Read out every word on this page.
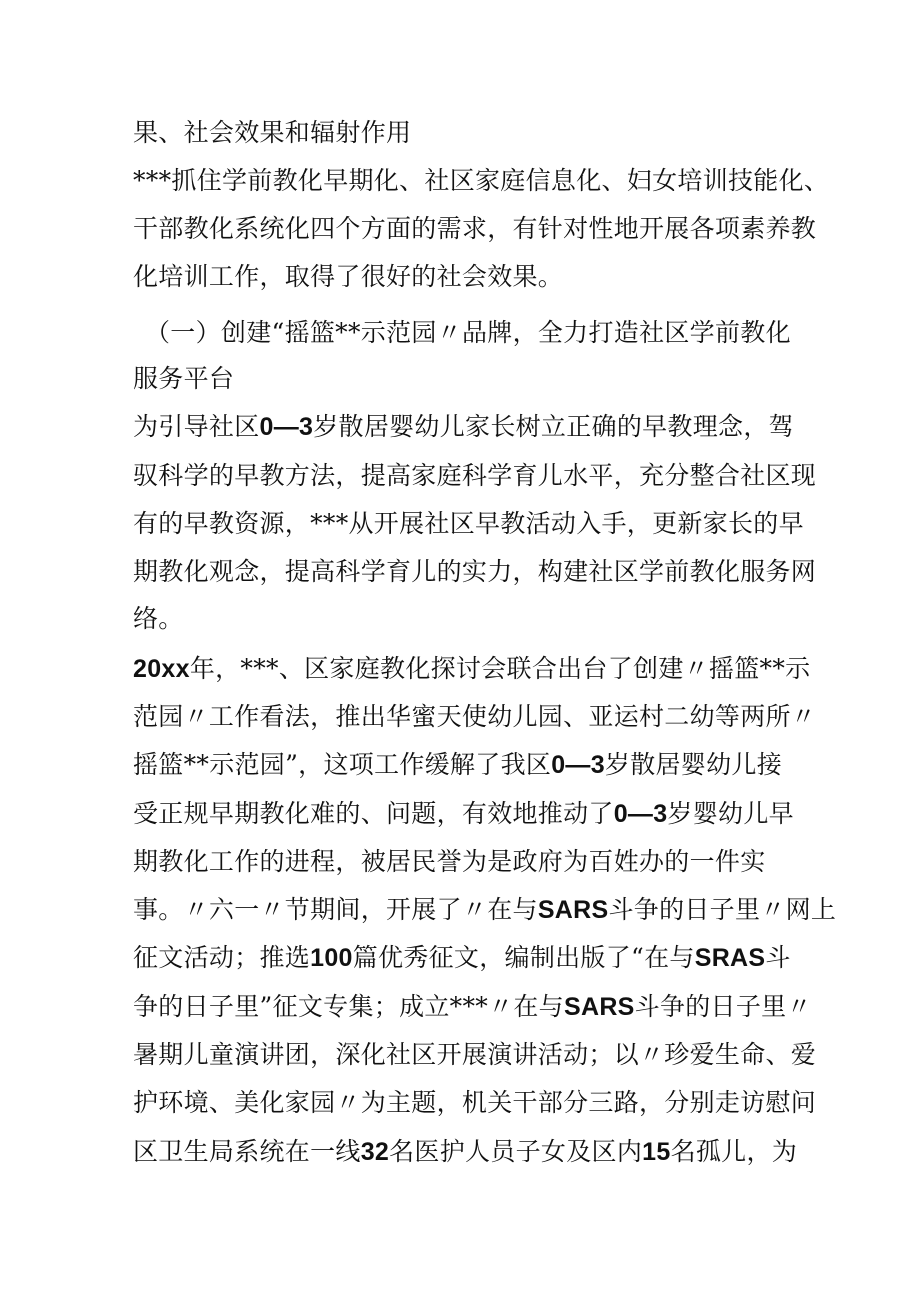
果、社会效果和辐射作用
***抓住学前教化早期化、社区家庭信息化、妇女培训技能化、
干部教化系统化四个方面的需求，有针对性地开展各项素养教
化培训工作，取得了很好的社会效果。
（一）创建“摇篮**示范园〃品牌，全力打造社区学前教化
服务平台
为引导社区0—3岁散居婴幼儿家长树立正确的早教理念，驾
驭科学的早教方法，提高家庭科学育儿水平，充分整合社区现
有的早教资源，***从开展社区早教活动入手，更新家长的早
期教化观念，提高科学育儿的实力，构建社区学前教化服务网
络。
20xx年，***、区家庭教化探讨会联合出台了创建〃摇篮**示
范园〃工作看法，推出华蜜天使幼儿园、亚运村二幼等两所〃
摇篮**示范园”，这项工作缓解了我区0—3岁散居婴幼儿接
受正规早期教化难的、问题，有效地推动了0—3岁婴幼儿早
期教化工作的进程，被居民誉为是政府为百姓办的一件实
事。〃六一〃节期间，开展了〃在与SARS斗争的日子里〃网上
征文活动；推选100篇优秀征文，编制出版了“在与SRAS斗
争的日子里”征文专集；成立***〃在与SARS斗争的日子里〃
暑期儿童演讲团，深化社区开展演讲活动；以〃珍爱生命、爱
护环境、美化家园〃为主题，机关干部分三路，分别走访慰问
区卫生局系统在一线32名医护人员子女及区内15名孤儿，为
